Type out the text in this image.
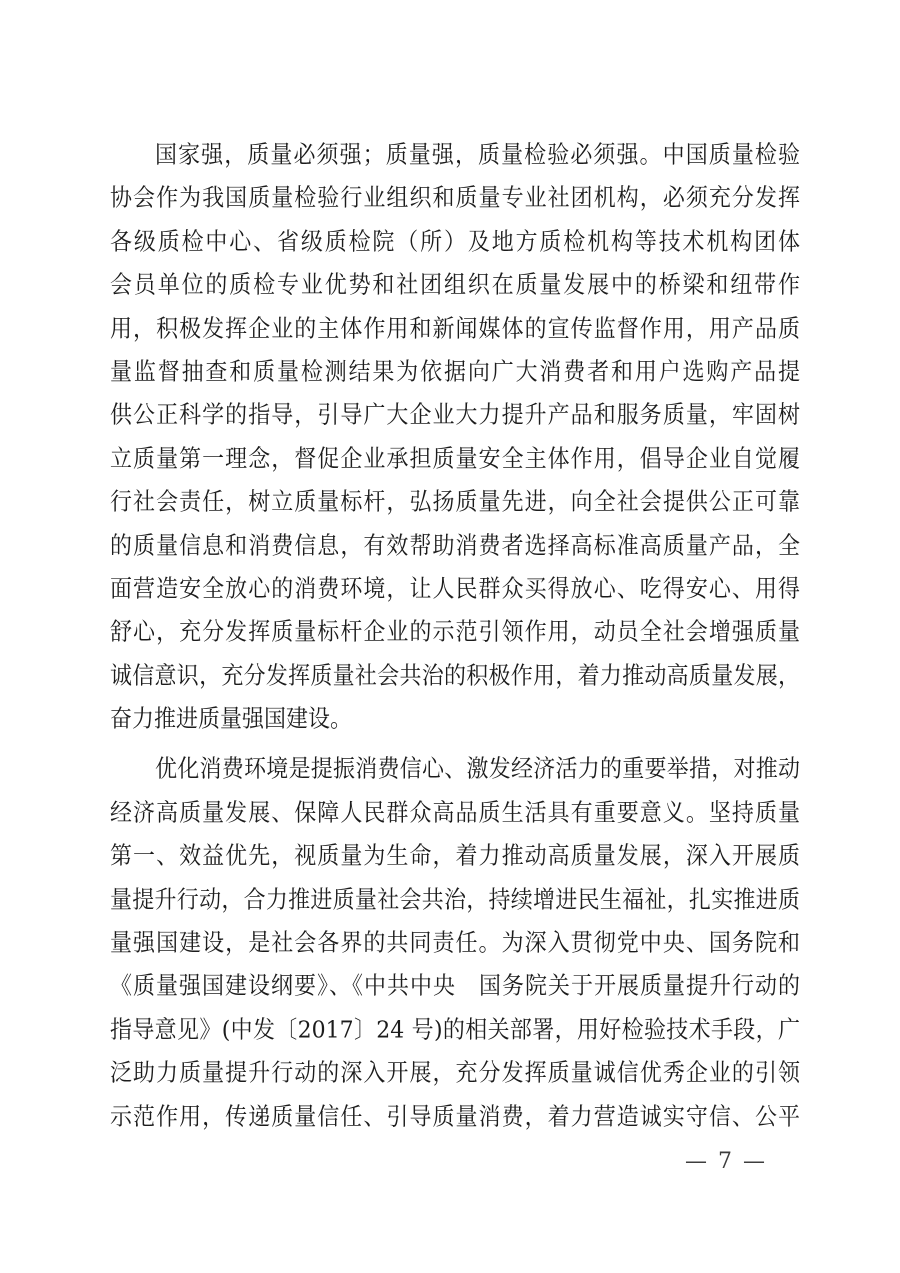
国家强，质量必须强；质量强，质量检验必须强。中国质量检验
协会作为我国质量检验行业组织和质量专业社团机构，必须充分发挥
各级质检中心、省级质检院（所）及地方质检机构等技术机构团体
会员单位的质检专业优势和社团组织在质量发展中的桥梁和纽带作
用，积极发挥企业的主体作用和新闻媒体的宣传监督作用，用产品质
量监督抽查和质量检测结果为依据向广大消费者和用户选购产品提
供公正科学的指导，引导广大企业大力提升产品和服务质量，牢固树
立质量第一理念，督促企业承担质量安全主体作用，倡导企业自觉履
行社会责任，树立质量标杆，弘扬质量先进，向全社会提供公正可靠
的质量信息和消费信息，有效帮助消费者选择高标准高质量产品，全
面营造安全放心的消费环境，让人民群众买得放心、吃得安心、用得
舒心，充分发挥质量标杆企业的示范引领作用，动员全社会增强质量
诚信意识，充分发挥质量社会共治的积极作用，着力推动高质量发展，
奋力推进质量强国建设。
优化消费环境是提振消费信心、激发经济活力的重要举措，对推动
经济高质量发展、保障人民群众高品质生活具有重要意义。坚持质量
第一、效益优先，视质量为生命，着力推动高质量发展，深入开展质
量提升行动，合力推进质量社会共治，持续增进民生福祉，扎实推进质
量强国建设，是社会各界的共同责任。为深入贯彻党中央、国务院和
《质量强国建设纲要》、《中共中央　国务院关于开展质量提升行动的
指导意见》(中发〔2017〕24 号)的相关部署，用好检验技术手段，广
泛助力质量提升行动的深入开展，充分发挥质量诚信优秀企业的引领
示范作用，传递质量信任、引导质量消费，着力营造诚实守信、公平
— 7 —
